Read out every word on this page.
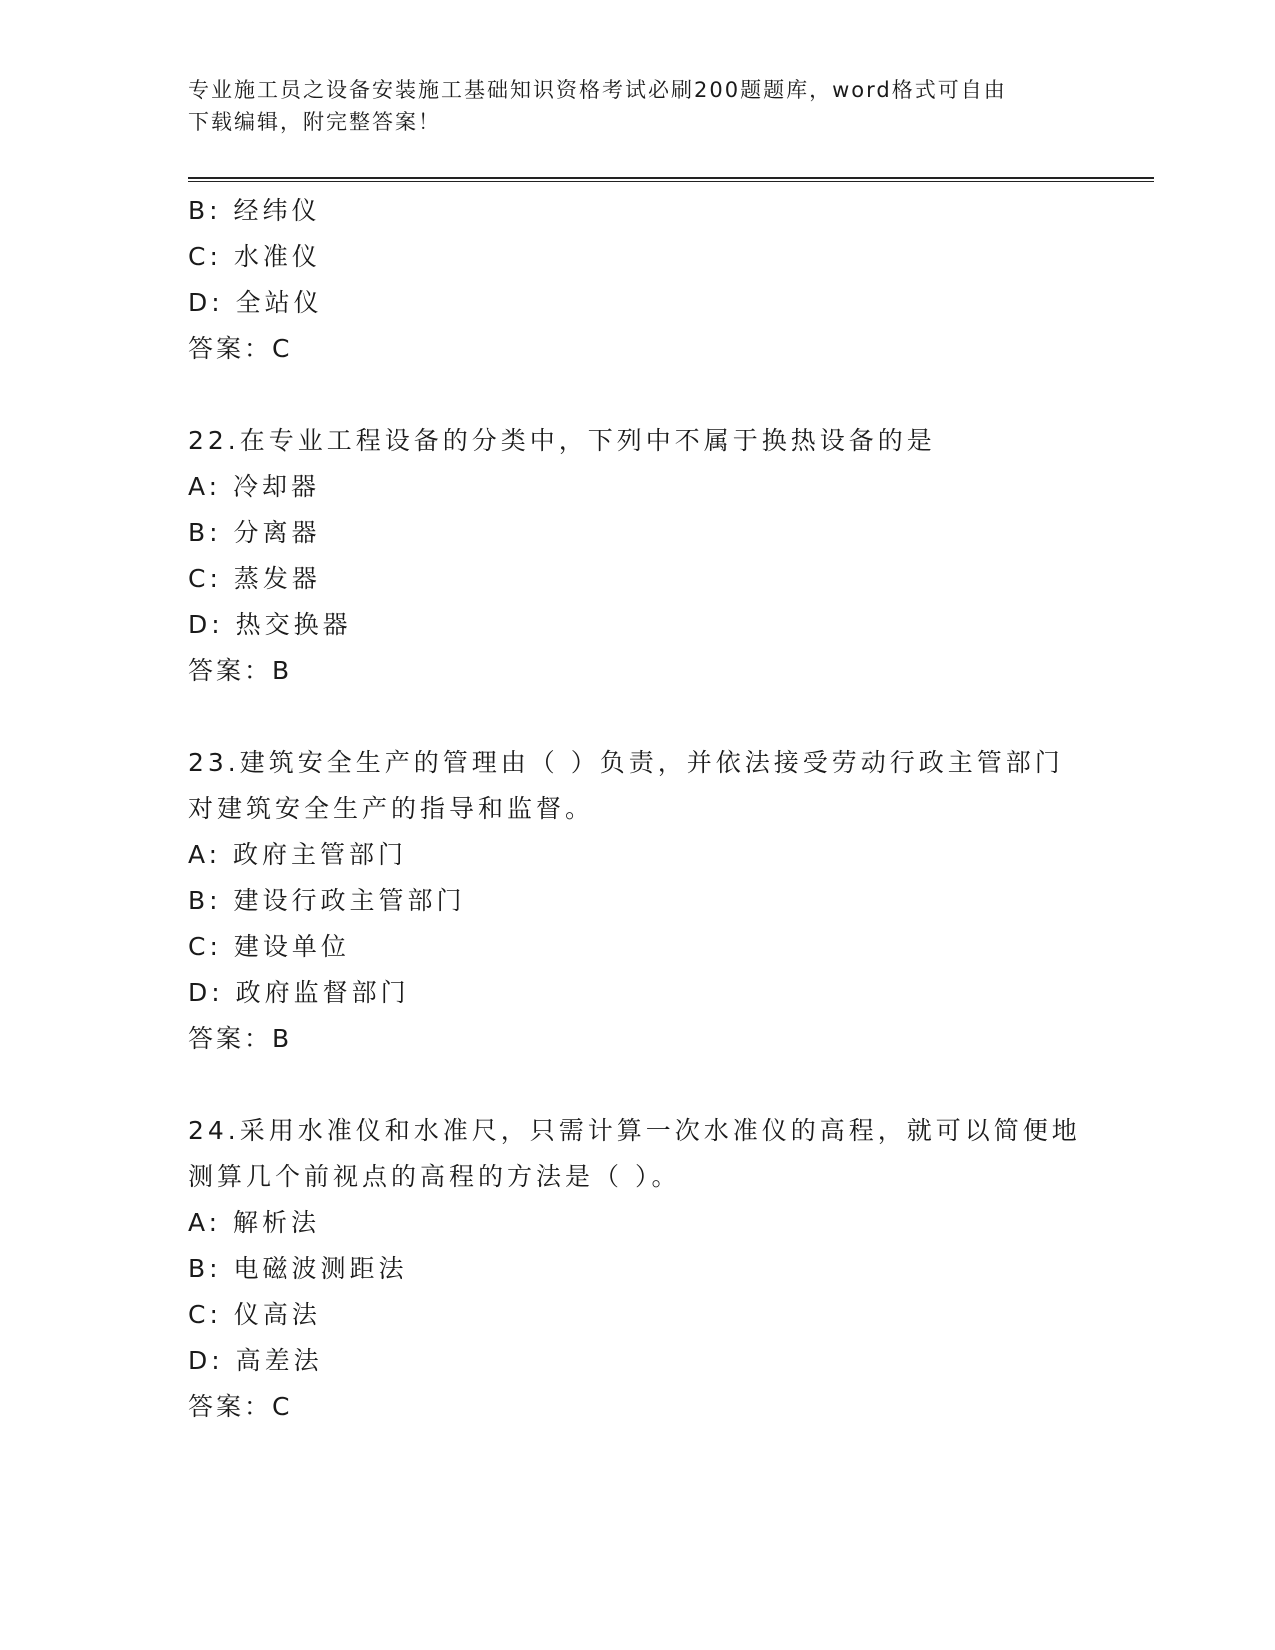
专业施工员之设备安装施工基础知识资格考试必刷200题题库，word格式可自由
下载编辑，附完整答案！
B: 经纬仪
C: 水准仪
D: 全站仪
答案：C
22.在专业工程设备的分类中，下列中不属于换热设备的是
A: 冷却器
B: 分离器
C: 蒸发器
D: 热交换器
答案：B
23.建筑安全生产的管理由（ ）负责，并依法接受劳动行政主管部门
对建筑安全生产的指导和监督。
A: 政府主管部门
B: 建设行政主管部门
C: 建设单位
D: 政府监督部门
答案：B
24.采用水准仪和水准尺，只需计算一次水准仪的高程，就可以简便地
测算几个前视点的高程的方法是（ ）。
A: 解析法
B: 电磁波测距法
C: 仪高法
D: 高差法
答案：C
